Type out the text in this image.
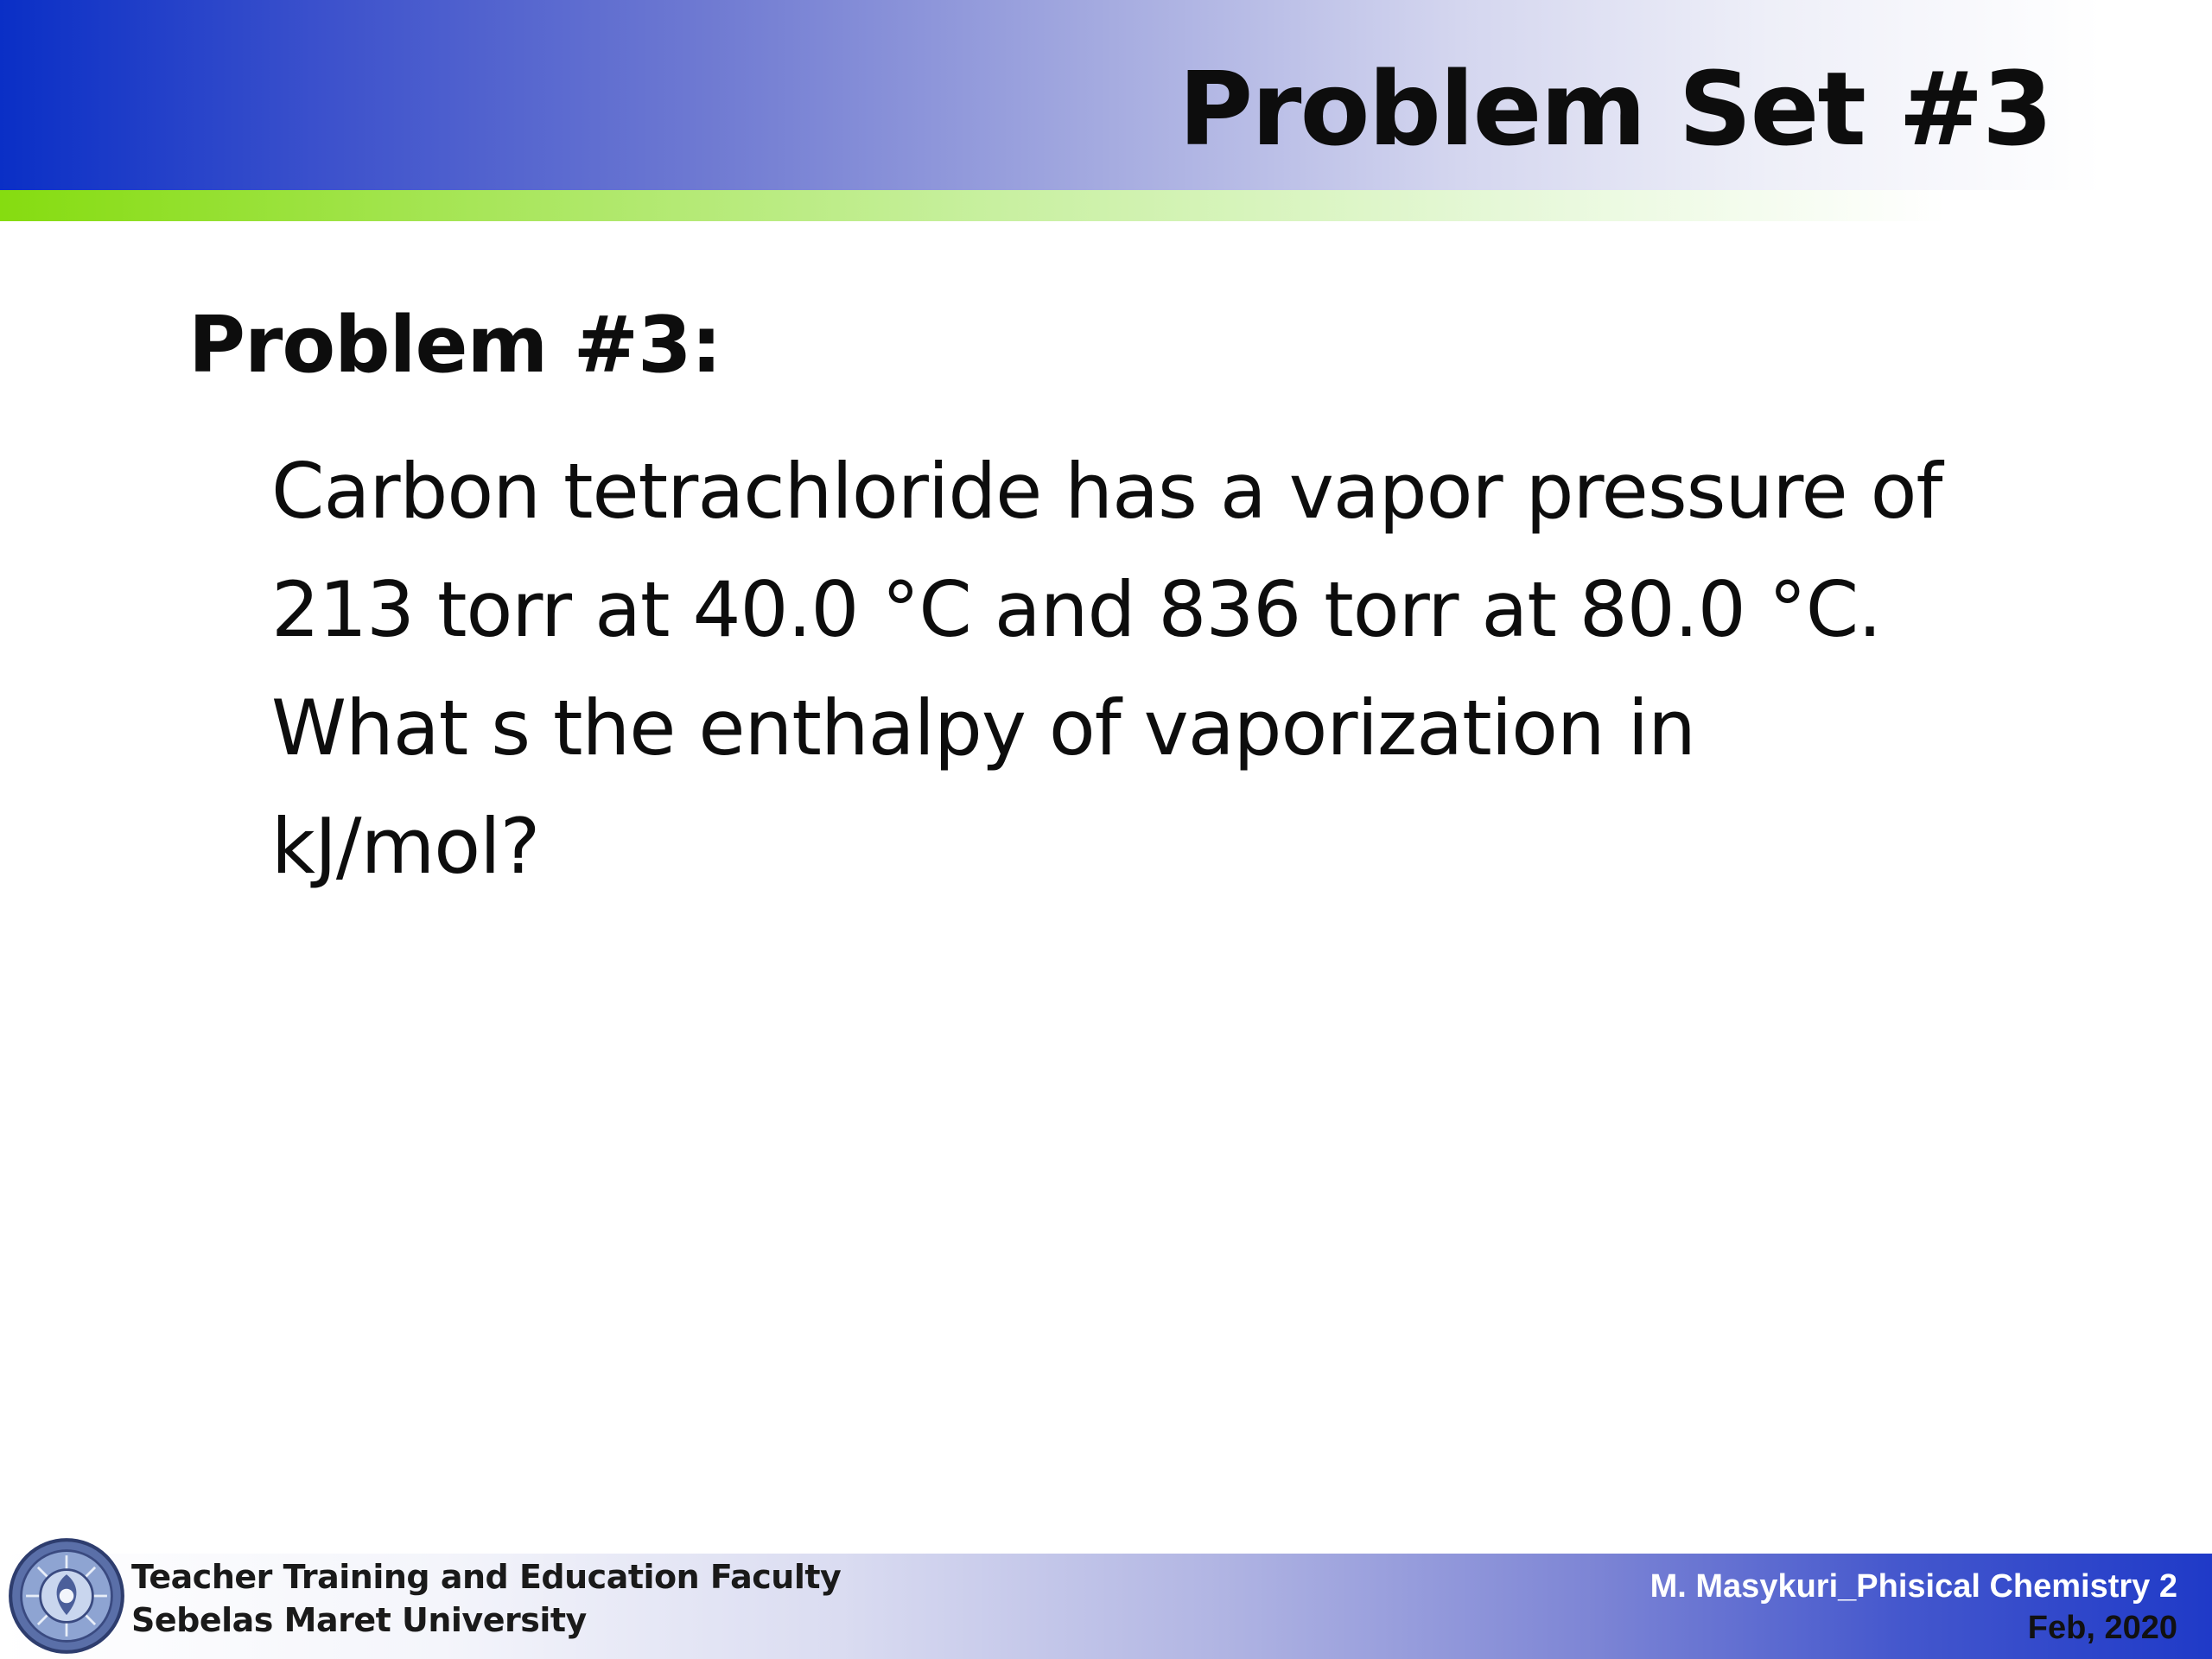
Problem Set #3
Problem #3:

Carbon tetrachloride has a vapor pressure of
213 torr at 40.0 °C and 836 torr at 80.0 °C.
What s the enthalpy of vaporization in
kJ/mol?

Teacher Training and Education Faculty
Sebelas Maret University
M. Masykuri_Phisical Chemistry 2
Feb, 2020
